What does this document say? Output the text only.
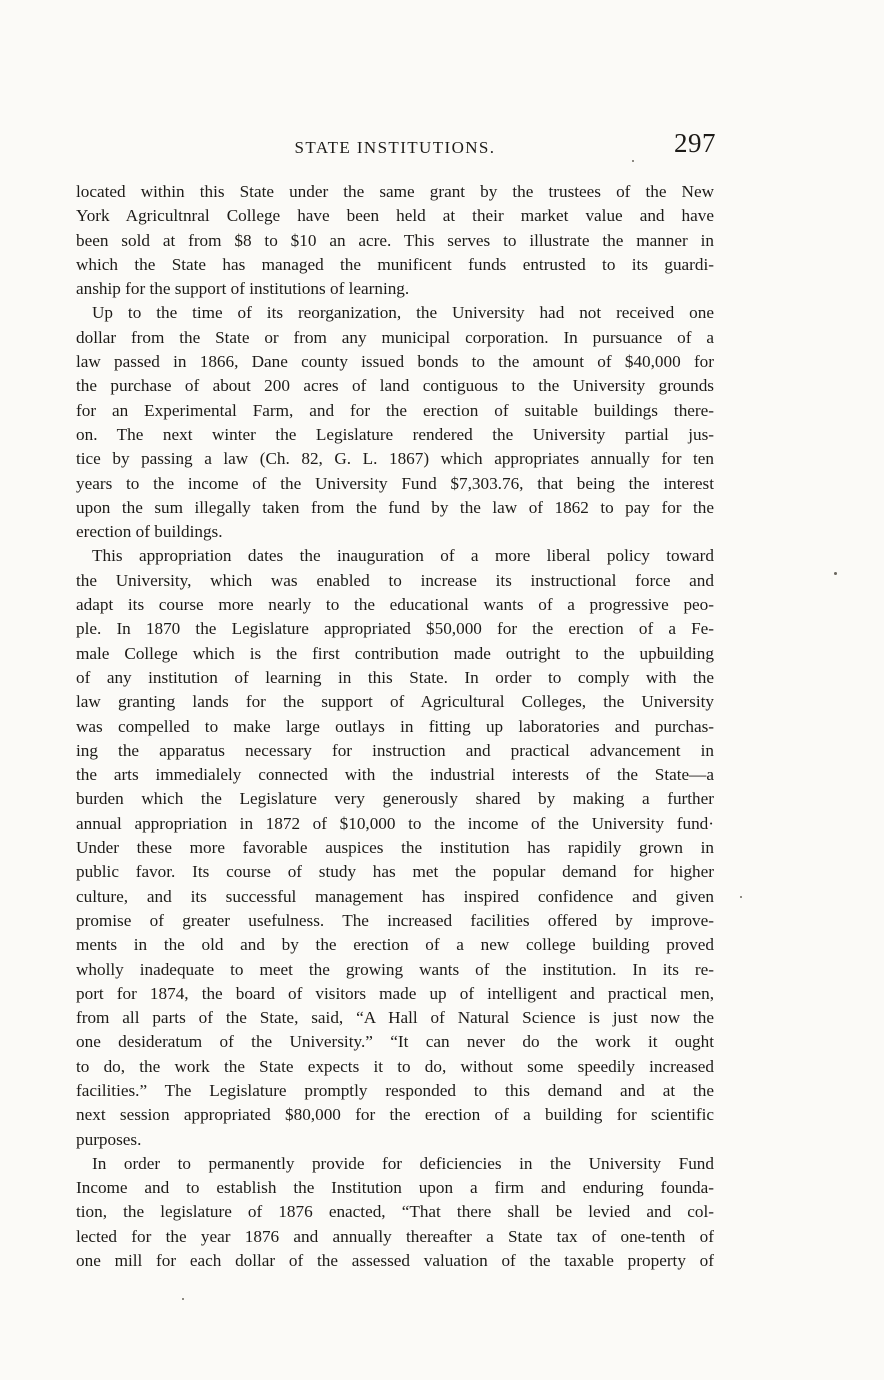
STATE INSTITUTIONS.	297
located within this State under the same grant by the trustees of the New
York Agricultnral College have been held at their market value and have
been sold at from $8 to $10 an acre. This serves to illustrate the manner in
which the State has managed the munificent funds entrusted to its guardi-
anship for the support of institutions of learning.
Up to the time of its reorganization, the University had not received one
dollar from the State or from any municipal corporation. In pursuance of a
law passed in 1866, Dane county issued bonds to the amount of $40,000 for
the purchase of about 200 acres of land contiguous to the University grounds
for an Experimental Farm, and for the erection of suitable buildings there-
on. The next winter the Legislature rendered the University partial jus-
tice by passing a law (Ch. 82, G. L. 1867) which appropriates annually for ten
years to the income of the University Fund $7,303.76, that being the interest
upon the sum illegally taken from the fund by the law of 1862 to pay for the
erection of buildings.
This appropriation dates the inauguration of a more liberal policy toward
the University, which was enabled to increase its instructional force and
adapt its course more nearly to the educational wants of a progressive peo-
ple. In 1870 the Legislature appropriated $50,000 for the erection of a Fe-
male College which is the first contribution made outright to the upbuilding
of any institution of learning in this State. In order to comply with the
law granting lands for the support of Agricultural Colleges, the University
was compelled to make large outlays in fitting up laboratories and purchas-
ing the apparatus necessary for instruction and practical advancement in
the arts immedialely connected with the industrial interests of the State—a
burden which the Legislature very generously shared by making a further
annual appropriation in 1872 of $10,000 to the income of the University fund·
Under these more favorable auspices the institution has rapidily grown in
public favor. Its course of study has met the popular demand for higher
culture, and its successful management has inspired confidence and given
promise of greater usefulness. The increased facilities offered by improve-
ments in the old and by the erection of a new college building proved
wholly inadequate to meet the growing wants of the institution. In its re-
port for 1874, the board of visitors made up of intelligent and practical men,
from all parts of the State, said, “A Hall of Natural Science is just now the
one desideratum of the University.” “It can never do the work it ought
to do, the work the State expects it to do, without some speedily increased
facilities.” The Legislature promptly responded to this demand and at the
next session appropriated $80,000 for the erection of a building for scientific
purposes.
In order to permanently provide for deficiencies in the University Fund
Income and to establish the Institution upon a firm and enduring founda-
tion, the legislature of 1876 enacted, “That there shall be levied and col-
lected for the year 1876 and annually thereafter a State tax of one-tenth of
one mill for each dollar of the assessed valuation of the taxable property of
